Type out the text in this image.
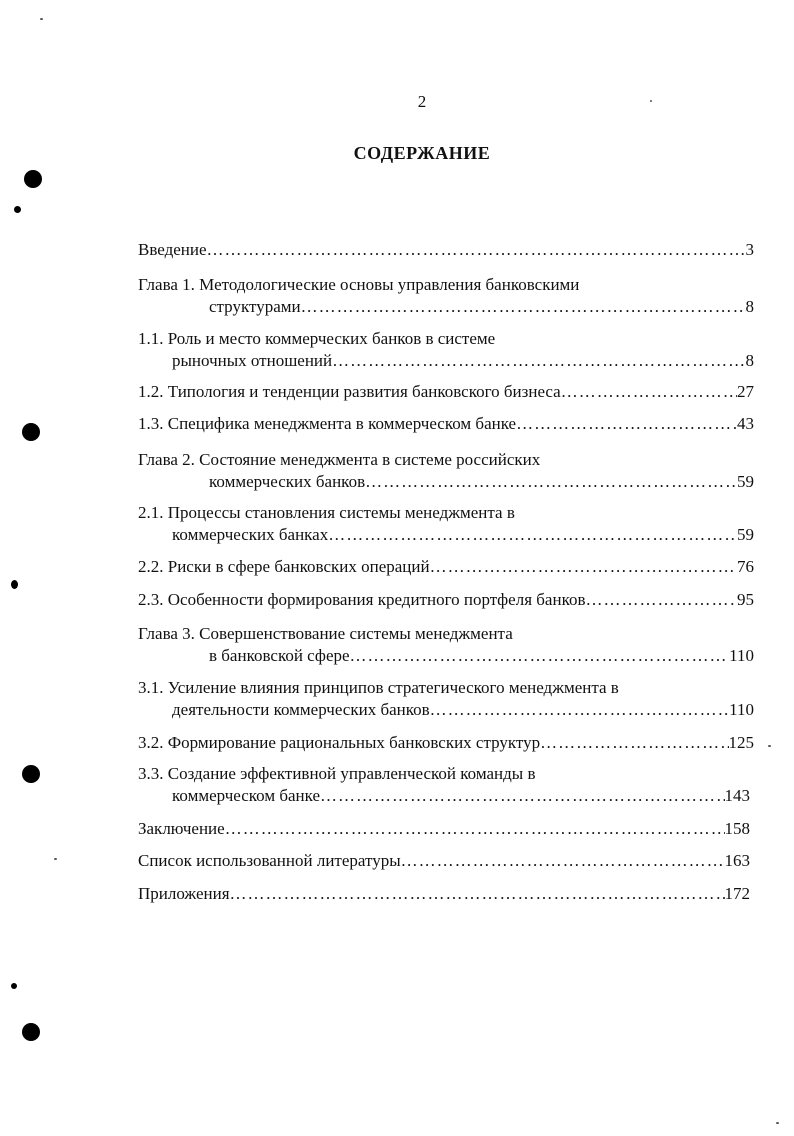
2
СОДЕРЖАНИЕ
Введение …………………………………………………………………………………………………………………………………………………………………………	3
Глава 1. Методологические основы управления банковскими
структурами …………………………………………………………………………………………………………………………………………………………………………	8
1.1. Роль и место коммерческих банков в системе
рыночных отношений …………………………………………………………………………………………………………………………………………………………………………	8
1.2. Типология и тенденции развития банковского бизнеса …………………………………………………………………………………………………………………………………………………………………………	27
1.3. Специфика менеджмента в коммерческом банке …………………………………………………………………………………………………………………………………………………………………………	43
Глава 2. Состояние менеджмента в системе российских
коммерческих банков …………………………………………………………………………………………………………………………………………………………………………	59
2.1. Процессы становления системы менеджмента в
коммерческих банках …………………………………………………………………………………………………………………………………………………………………………	59
2.2. Риски в сфере банковских операций …………………………………………………………………………………………………………………………………………………………………………	76
2.3. Особенности формирования кредитного портфеля банков …………………………………………………………………………………………………………………………………………………………………………	95
Глава 3. Совершенствование системы менеджмента
в банковской сфере …………………………………………………………………………………………………………………………………………………………………………	110
3.1. Усиление влияния принципов стратегического менеджмента в
деятельности коммерческих банков …………………………………………………………………………………………………………………………………………………………………………	110
3.2. Формирование рациональных банковских структур …………………………………………………………………………………………………………………………………………………………………………	125
3.3. Создание эффективной управленческой команды в
коммерческом банке …………………………………………………………………………………………………………………………………………………………………………	143
Заключение …………………………………………………………………………………………………………………………………………………………………………	158
Список использованной литературы …………………………………………………………………………………………………………………………………………………………………………	163
Приложения …………………………………………………………………………………………………………………………………………………………………………	172
